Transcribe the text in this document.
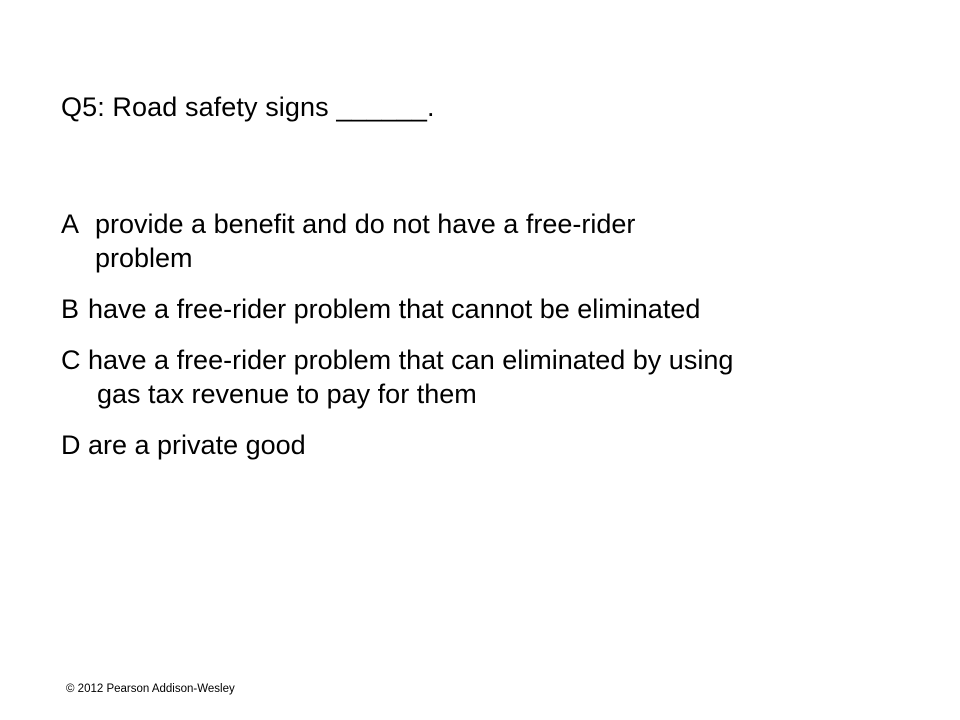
Q5: Road safety signs ______.
A provide a benefit and do not have a free-rider
problem
B have a free-rider problem that cannot be eliminated
C have a free-rider problem that can eliminated by using
gas tax revenue to pay for them
D are a private good
© 2012 Pearson Addison-Wesley
